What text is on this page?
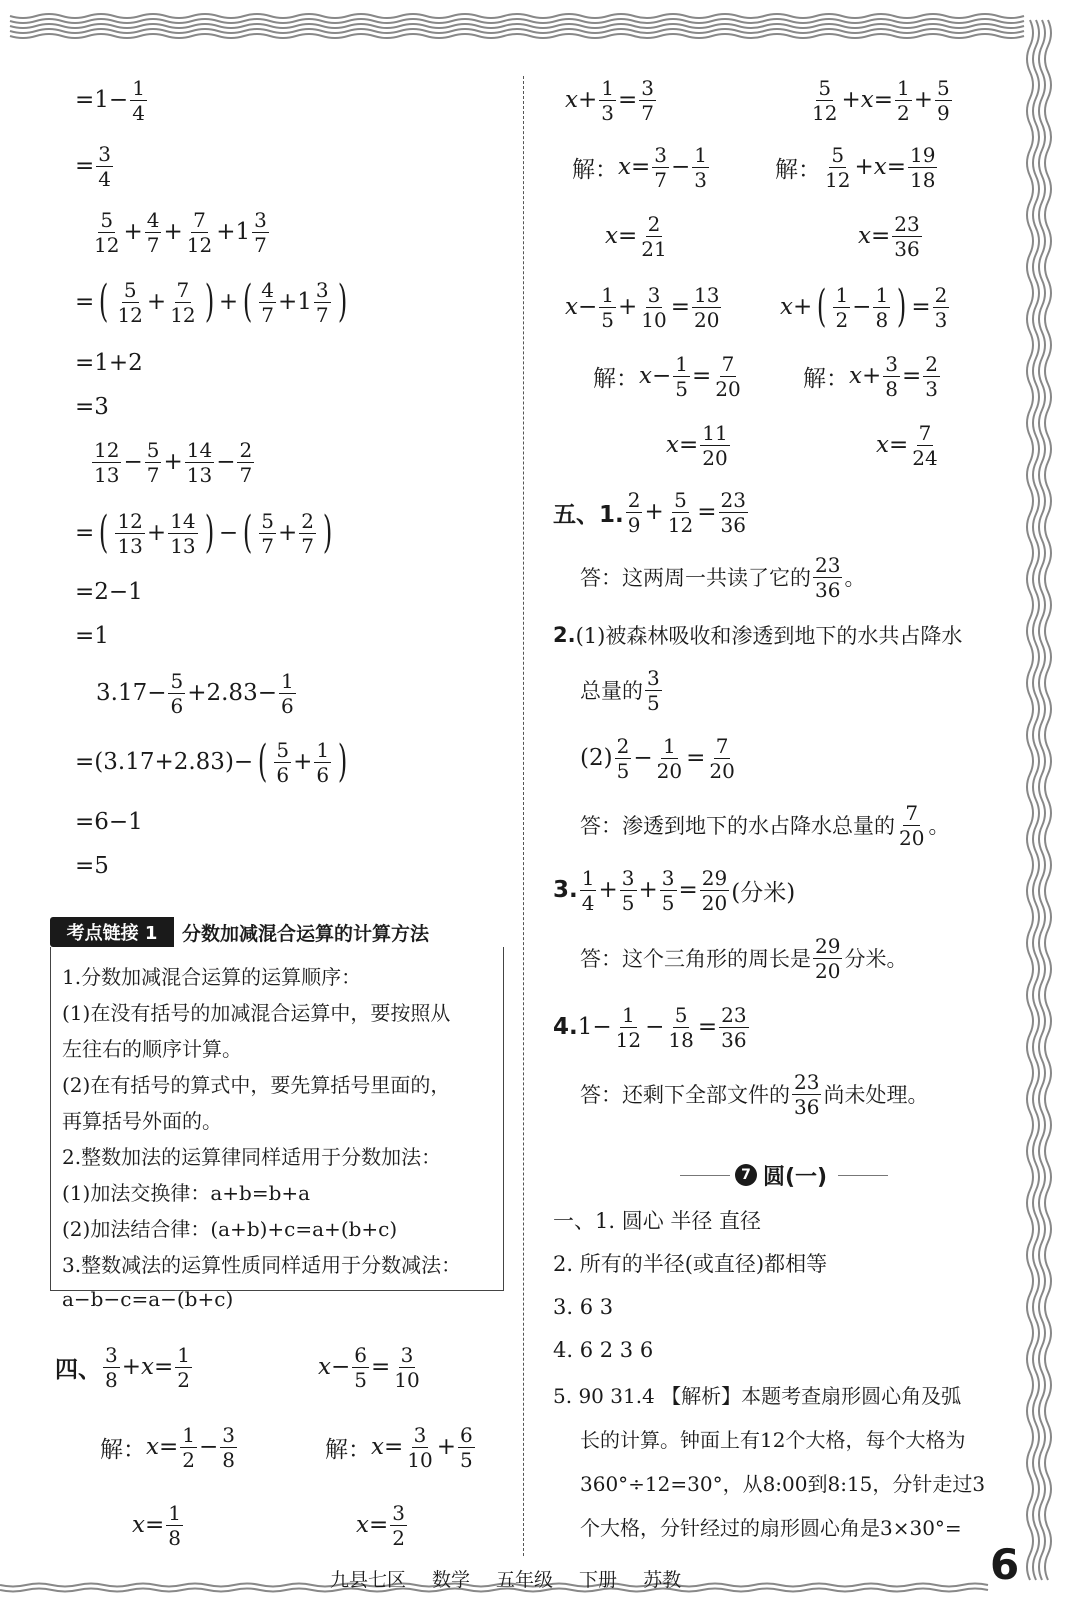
$=1- \frac{1}{4}$
= $\frac{3}{4}$
5
12 + 4
7 + 7
12 + 1 3
7
= ( 5
12 + 7
12 ) + ( 4
7 + 1 3
7 )
=1+2
=3
12
13 − 5
7 + 14
13 − 2
7
= ( 12
13 + 14
13 ) − ( 5
7 + 2
7 )
=2−1
=1
$3.17- \frac{5}{6} +2.83- \frac{1}{6}$
=(3.17+2.83)− ( 5
6 + 1
6 )
=6−1
=5
考点链接 1	分数加减混合运算的计算方法
1.分数加减混合运算的运算顺序：
(1)在没有括号的加减混合运算中，要按照从
左往右的顺序计算。
(2)在有括号的算式中，要先算括号里面的，
再算括号外面的。
2.整数加法的运算律同样适用于分数加法：
(1)加法交换律：a+b=b+a
(2)加法结合律：(a+b)+c=a+(b+c)
3.整数减法的运算性质同样适用于分数减法：
a−b−c=a−(b+c)
四、
3
8 + x = 1
2
解： x = 1
2 − 3
8
x = 1
8
x − 6
5 = 3
10
解： x = 3
10 + 6
5
x = 3
2
x + 1
3 = 3
7
解： x = 3
7 − 1
3
x = 2
21
5
12 + x = 1
2 + 5
9
解：
5
12 + x = 19
18
x = 23
36
x − 1
5 + 3
10 = 13
20
解： x − 1
5 = 7
20
x = 11
20
x + ( 1
2 − 1
8 ) = 2
3
解： x + 3
8 = 2
3
x = 7
24
五、1.
2
9 + 5
12 = 23
36
答：这两周一共读了它的
23
36 。
2. (1)被森林吸收和渗透到地下的水共占降水
总量的
3
5
(2) 2
5 − 1
20 = 7
20
答：渗透到地下的水占降水总量的
7
20 。
3. 1
4 + 3
5 + 3
5 = 29
20 (分米)
答：这个三角形的周长是
29
20 分米。
4. $1- \frac{1}{12} - 5$
18 = 23
36
答：还剩下全部文件的
23
36 尚未处理。
7 圆(一)
一、1. 圆心 半径 直径
2. 所有的半径(或直径)都相等
3. 6 3
4. 6 2 3 6
5. 90 31.4 【解析】本题考查扇形圆心角及弧
长的计算。钟面上有12个大格，每个大格为
360°÷12=30°，从8:00到8:15，分针走过3
个大格，分针经过的扇形圆心角是3×30°=
九县七区 数学 五年级 下册 苏教	6
